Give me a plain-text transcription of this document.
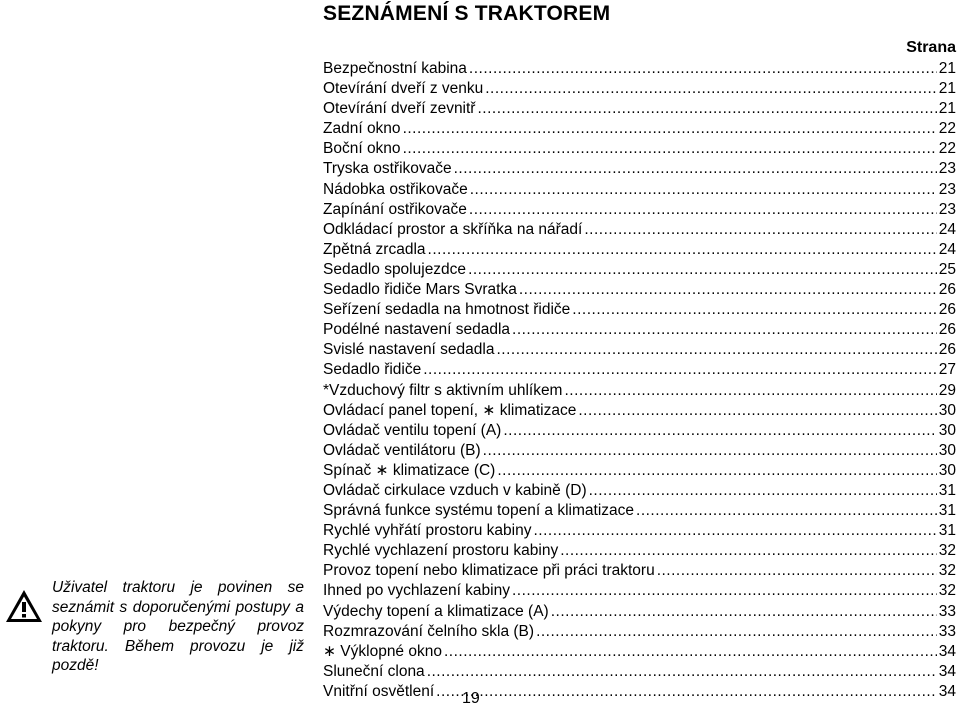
SEZNÁMENÍ S TRAKTOREM
Strana
Bezpečnostní kabina .....	21
Otevírání dveří z venku .....	21
Otevírání dveří zevnitř .....	21
Zadní okno .....	22
Boční okno .....	22
Tryska ostřikovače .....	23
Nádobka ostřikovače .....	23
Zapínání ostřikovače .....	23
Odkládací prostor a skříňka na nářadí .....	24
Zpětná zrcadla .....	24
Sedadlo spolujezdce .....	25
Sedadlo řidiče Mars Svratka .....	26
Seřízení sedadla na hmotnost řidiče .....	26
Podélné nastavení sedadla .....	26
Svislé nastavení sedadla .....	26
Sedadlo řidiče .....	27
*Vzduchový filtr s aktivním uhlíkem .....	29
Ovládací panel topení, ∗ klimatizace .....	30
Ovládač ventilu topení (A) .....	30
Ovládač ventilátoru (B) .....	30
Spínač ∗ klimatizace (C) .....	30
Ovládač cirkulace vzduch v kabině (D) .....	31
Správná funkce systému topení a klimatizace .....	31
Rychlé vyhřátí prostoru kabiny .....	31
Rychlé vychlazení prostoru kabiny .....	32
Provoz topení nebo klimatizace při práci traktoru .....	32
Ihned po vychlazení kabiny .....	32
Výdechy topení a klimatizace (A) .....	33
Rozmrazování čelního skla (B) .....	33
∗ Výklopné okno .....	34
Sluneční clona .....	34
Vnitřní osvětlení .....	34
Uživatel traktoru je povinen se seznámit s doporučenými postupy a pokyny pro bezpečný provoz traktoru. Během provozu je již pozdě!
19
